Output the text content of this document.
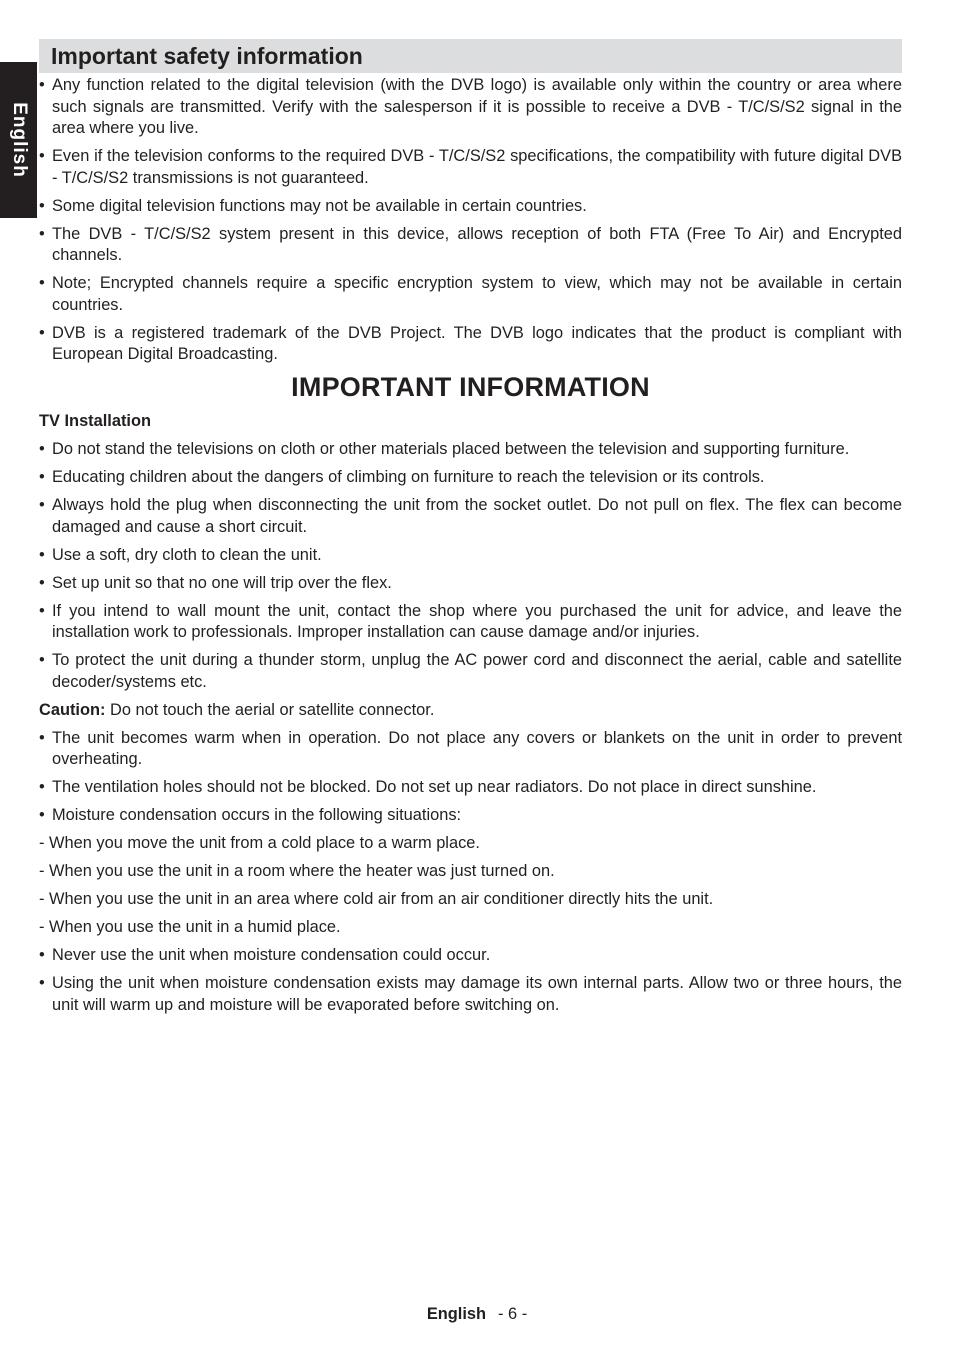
English
Important safety information
• Any function related to the digital television (with the DVB logo) is available only within the country or area where such signals are transmitted. Verify with the salesperson if it is possible to receive a DVB - T/C/S/S2 signal in the area where you live.
• Even if the television conforms to the required DVB - T/C/S/S2 specifications, the compatibility with future digital DVB - T/C/S/S2 transmissions is not guaranteed.
• Some digital television functions may not be available in certain countries.
• The DVB - T/C/S/S2 system present in this device, allows reception of both FTA (Free To Air) and Encrypted channels.
• Note; Encrypted channels require a specific encryption system to view, which may not be available in certain countries.
• DVB is a registered trademark of the DVB Project. The DVB logo indicates that the product is compliant with European Digital Broadcasting.
IMPORTANT INFORMATION
TV Installation
• Do not stand the televisions on cloth or other materials placed between the television and supporting furniture.
• Educating children about the dangers of climbing on furniture to reach the television or its controls.
• Always hold the plug when disconnecting the unit from the socket outlet. Do not pull on flex. The flex can become damaged and cause a short circuit.
• Use a soft, dry cloth to clean the unit.
• Set up unit so that no one will trip over the flex.
• If you intend to wall mount the unit, contact the shop where you purchased the unit for advice, and leave the installation work to professionals. Improper installation can cause damage and/or injuries.
• To protect the unit during a thunder storm, unplug the AC power cord and disconnect the aerial, cable and satellite decoder/systems etc.
Caution: Do not touch the aerial or satellite connector.
• The unit becomes warm when in operation. Do not place any covers or blankets on the unit in order to prevent overheating.
• The ventilation holes should not be blocked. Do not set up near radiators. Do not place in direct sunshine.
• Moisture condensation occurs in the following situations:
- When you move the unit from a cold place to a warm place.
- When you use the unit in a room where the heater was just turned on.
- When you use the unit in an area where cold air from an air conditioner directly hits the unit.
- When you use the unit in a humid place.
• Never use the unit when moisture condensation could occur.
• Using the unit when moisture condensation exists may damage its own internal parts. Allow two or three hours, the unit will warm up and moisture will be evaporated before switching on.
English - 6 -
